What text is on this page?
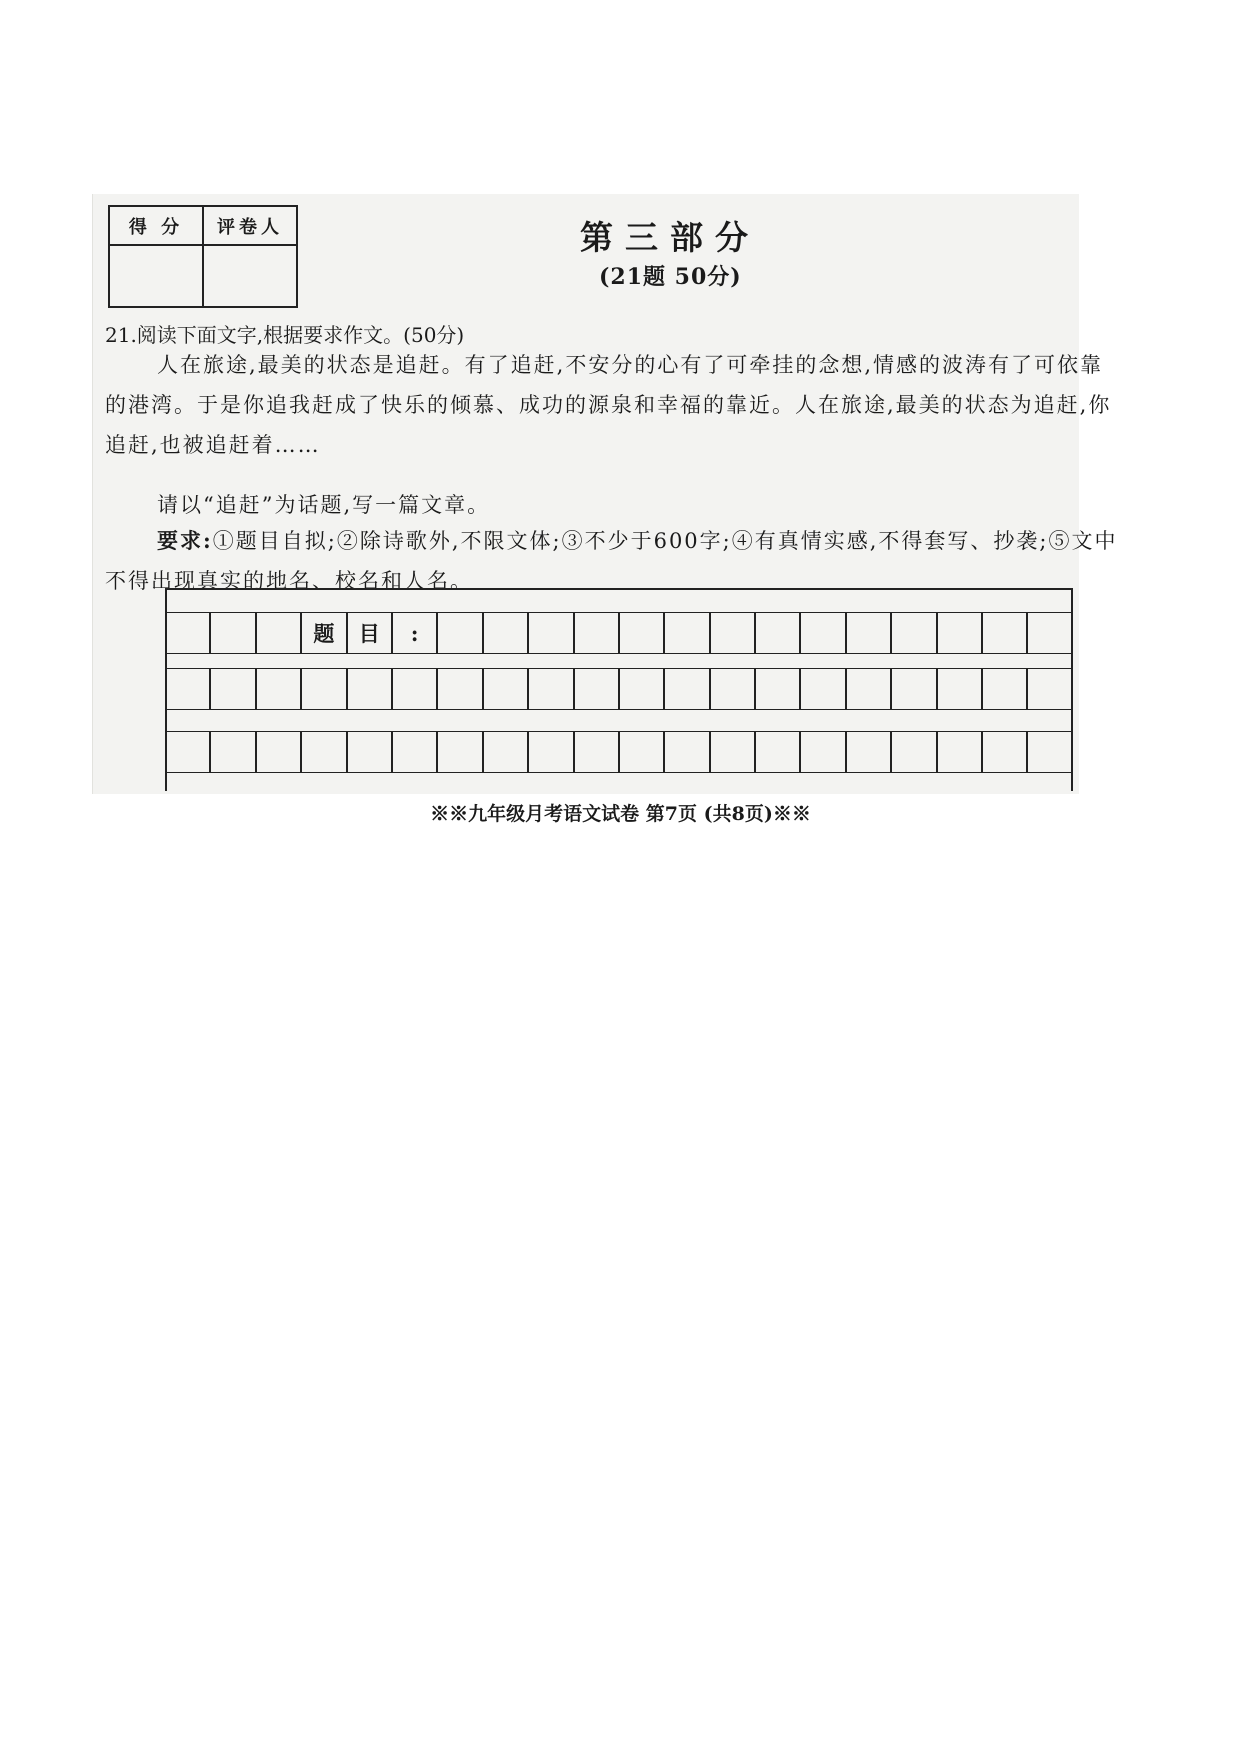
得 分	评卷人
		第三部分
(21题 50分)
21.阅读下面文字,根据要求作文。(50分)
人在旅途,最美的状态是追赶。有了追赶,不安分的心有了可牵挂的念想,情感的波涛有了可依靠的港湾。于是你追我赶成了快乐的倾慕、成功的源泉和幸福的靠近。人在旅途,最美的状态为追赶,你追赶,也被追赶着……
请以“追赶”为话题,写一篇文章。
要求:①题目自拟;②除诗歌外,不限文体;③不少于600字;④有真情实感,不得套写、抄袭;⑤文中不得出现真实的地名、校名和人名。
题	目	:
※※九年级月考语文试卷 第7页 (共8页)※※
